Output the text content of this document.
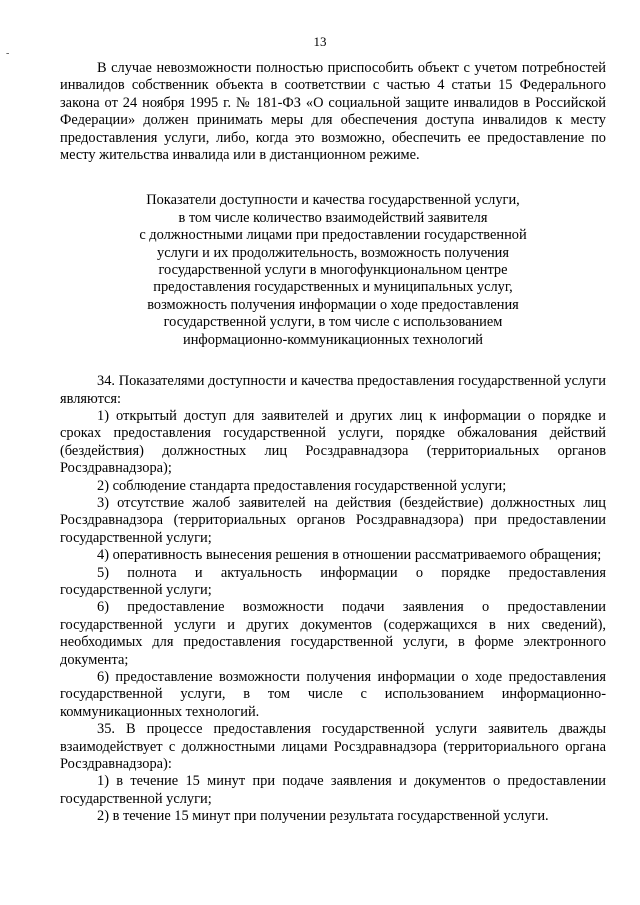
-
13

В случае невозможности полностью приспособить объект с учетом потребностей инвалидов собственник объекта в соответствии с частью 4 статьи 15 Федерального закона от 24 ноября 1995 г. № 181-ФЗ «О социальной защите инвалидов в Российской Федерации» должен принимать меры для обеспечения доступа инвалидов к месту предоставления услуги, либо, когда это возможно, обеспечить ее предоставление по месту жительства инвалида или в дистанционном режиме.

Показатели доступности и качества государственной услуги,
в том числе количество взаимодействий заявителя
с должностными лицами при предоставлении государственной
услуги и их продолжительность, возможность получения
государственной услуги в многофункциональном центре
предоставления государственных и муниципальных услуг,
возможность получения информации о ходе предоставления
государственной услуги, в том числе с использованием
информационно-коммуникационных технологий

34. Показателями доступности и качества предоставления государственной услуги являются:

1) открытый доступ для заявителей и других лиц к информации о порядке и сроках предоставления государственной услуги, порядке обжалования действий (бездействия) должностных лиц Росздравнадзора (территориальных органов Росздравнадзора);

2) соблюдение стандарта предоставления государственной услуги;

3) отсутствие жалоб заявителей на действия (бездействие) должностных лиц Росздравнадзора (территориальных органов Росздравнадзора) при предоставлении государственной услуги;

4) оперативность вынесения решения в отношении рассматриваемого обращения;

5) полнота и актуальность информации о порядке предоставления государственной услуги;

6) предоставление возможности подачи заявления о предоставлении государственной услуги и других документов (содержащихся в них сведений), необходимых для предоставления государственной услуги, в форме электронного документа;

6) предоставление возможности получения информации о ходе предоставления государственной услуги, в том числе с использованием информационно-коммуникационных технологий.

35. В процессе предоставления государственной услуги заявитель дважды взаимодействует с должностными лицами Росздравнадзора (территориального органа Росздравнадзора):

1) в течение 15 минут при подаче заявления и документов о предоставлении государственной услуги;

2) в течение 15 минут при получении результата государственной услуги.
